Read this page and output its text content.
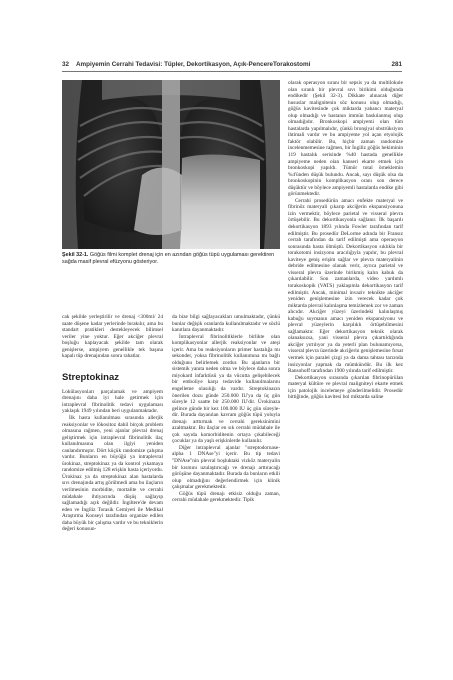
32 Ampiyemin Cerrahi Tedavisi: Tüpler, Dekortikasyon, Açık-PencereTorakostomi	281

Şekil 32-1. Göğüs filmi komplet drenaj için en azından göğüs tüpü uygulaması gerektiren sağda masif plevral efüzyonu gösteriyor.

cak şekilde yerleştirilir ve drenaj <300ml/ 24 saate düşene kadar yerlerinde bırakılır, ama bu standart pratikleri destekleyecek bilimsel veriler yine yoktur. Eğer akciğer plevral boşluğu kaplayacak şekilde tam olarak genişlerse, ampiyem genellikle tek başına kapalı tüp drenajından sonra rahatlar.

Streptokinaz

Lokülasyonları parçalamak ve ampiyem drenajını daha iyi hale getirmek için intraplevral fibrinolitik tedavi uygulaması yaklaşık 1949 yılından beri uygulanmaktadır.

İlk hasta kullanılması sırasında allerjik reaksiyonlar ve lökositoz dahil birçok problem olmasına rağmen, yeni ajanlar plevral drenaj geliştirmek için intraplevral fibrinolitik ilaç kullanılmasına olan ilgiyi yeniden canlandırmıştır. Dört küçük randomize çalışma vardır. Bunların en büyüğü ya intraplevral ürokinaz, streptokinaz ya da kontrol yıkamaya randomize edilmiş 128 erişkin hasta içeriyordu. Ürokinaz ya da streptokinaz alan hastalarda sıvı drenajında artış görülmedi ama bu ilaçların verilmesinin morbidite, mortalite ve cerrahi müdahale ihtiyacında düşüş sağlayıp sağlamadığı açık değildir. İngiltere'de devam eden ve İngiliz Torasik Cemiyeti ile Medikal Araştırma Konseyi tarafından organize edilen daha büyük bir çalışma vardır ve bu tekniklerin değeri konusun-

da bize bilgi sağlayacakları umulmaktadır, çünkü bunlar değişik oranlarda kullanılmaktadır ve sözlü kanıtlara dayanmaktadır.

İntraplevral fibrinolitiklerle birlikte olan komplikasyonlar allerjik reaksiyonlar ve ateşi içerir. Ama bu reaksiyonların primer hastalığa mı sekonder, yoksa fibrinolitik kullanımına mı bağlı olduğunu belirlemek zordur. Bu ajanların bir sistemik yanıta neden olma ve böylece daha sonra miyokard infarktüsü ya da vücutta gelişebilecek bir emboliye karşı tedavide kullanılmalarını engelleme olasılığı da vardır. Streptokinazın önerilen dozu günde 250.000 IU'ya da üç gün süreyle 12 saatte bir 250.000 IU'dir. Ürokinaza gelince günde bir kez 100.000 IU üç gün süreyle-dir. Burada dayanılan kavram göğüs tüpü yoluyla drenajı arttırmak ve cerrahi gereksinimini azaltmaktır. Bu ilaçlar en sık cerrahi müdahale ile çok sayıda komorbiditenin ortaya çıkabileceği çocuklar ya da yaşlı erişkinlerde kullanılır.

Diğer intraplevral ajanlar "streptodornase-alpha 1 DNAse"yi içerir. Bu tip tedavi "DNAse"nin plevral boşluktaki vizköz materyalin bir kısmını uzulaştırıcağı ve drenajı arttıracağı görüşüne dayanmaktadır. Burada da bunların etkili olup olmadığını değerlendirmek için klinik çalışmalar gerekmektedir.

Göğüs tüpü drenajı etkisiz olduğu zaman, cerrahi müdahale gerekmektedir. Tipik

olarak operasyon sıranı bir sepsis ya da multilokule olan sıranlı bir plevral sıvı birikimi olduğunda endikedir (Şekil 32-3). Dikkate alınacak diğer hususlar malignitenin söz konusu olup olmadığı, göğüs kavitesinde çok miktarda yabancı materyal olup olmadığı ve hastanın immün baskılanmış olup olmadığıdır. Bronkoskopi ampiyemi olan tüm hastalarda yapılmalıdır, çünkü bronşiyal obstrüksiyon ihtimali vardır ve bu ampiyeme yol açan etyolojik faktör olabilir. Bu, hiçbir zaman randomize incelenmemesine rağmen, bir İngiliz göğüs hekiminin 119 hastalık serisinde %40 hastada genellikle ampiyeme neden olan kanseri ekarte etmek için bronkoskopi yapıldı. Tümör total örneklemin %4'ünden düşük bulundu. Ancak, sayı düşük olsa da bronkoskopinin komplikasyon oranı son derece düşüktür ve böylece ampiyemli hastalarda endike gibi görünmektedir.

Cerrahi prosedürün amacı enfekte materyal ve fibrinöz materyali çıkarıp akciğerin ekspansiyonuna izin vermektir, böylece parietal ve visseral plevra örtüşebilir. Bu dekortikasyonla sağlanır. İlk başarılı dekortikasyon 1893 yılında Fowler tarafından tarif edilmiştir. Bu prosedür DeLorme adında bir Fransız cerrah tarafından da tarif edilmişti ama operasyon sonrasında hasta ölmüştü. Dekortikasyon sıklıkla bir torakotomi insizyonu aracılığıyla yapılır, bu plevral kaviteye geniş erişim sağlar ve plevra materyalinin debride edilmesine olanak verir, ayrıca parietal ve visseral plevra üzerinde birikmiş kalın kabuk da çıkarılabilir. Son zamanlarda, video yardımlı torakoskopik (VATS) yaklaşımla dekortikasyon tarif edilmiştir. Ancak, minimal invaziv teknikte akciğer yeniden genişlemesine izin verecek kadar çok miktarda plevral kalınlaşma temizlemek zor ve zaman alıcıdır. Akciğer yüzeyi üzerindeki kalınlaşmış kabuğu soymanın amacı yeniden ekspansiyonu ve plevral yüzeylerin karşılıklı örtüşebilmesini sağlamaktır. Eğer dekortikasyon teknik olarak olanaksızsa, yani visseral plevra çıkartıldığında akciğer yırtılıyor ya da yeterli plan bulunamıyorsa, visseral plevra üzerinde akciğerin genişlemesine fırsat vermek için paralel çizgi ya da dama tahtası tarzında insizyonlar yapmak da mümkündür. Bu ilk kez Ransohoff tarafından 1900 yılında tarif edilmiştir.

Dekortikasyon sırasında çıkarılan fibrinopürülan materyal kültüre ve plevral maligniteyi ekarte etmek için patolojik incelemeye gönderilmelidir. Prosedür bittiğinde, göğüs kavitesi bol miktarda saline
